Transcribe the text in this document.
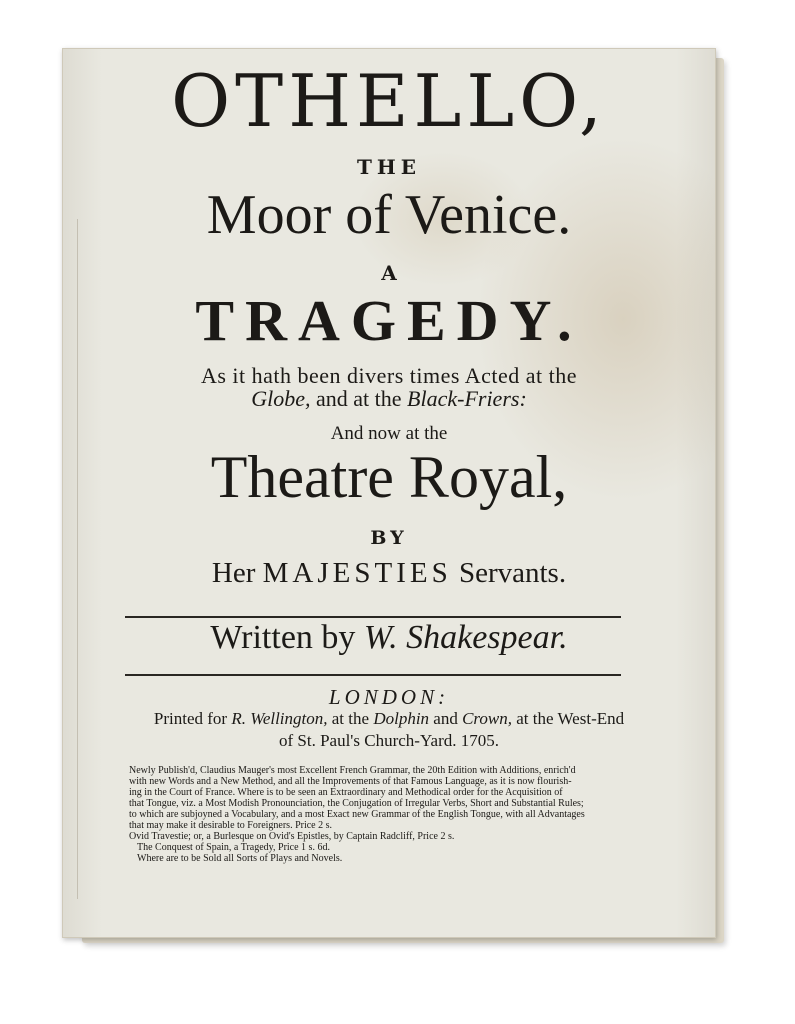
OTHELLO,
THE
Moor of Venice.
A
TRAGEDY.
As it hath been divers times Acted at the
Globe, and at the Black-Friers:
And now at the
Theatre Royal,
BY
Her MAJESTIES Servants.
Written by W. Shakespear.
LONDON:
Printed for R. Wellington, at the Dolphin and Crown, at the West-End
of St. Paul's Church-Yard. 1705.
Newly Publish'd, Claudius Mauger's most Excellent French Grammar, the 20th Edition with Additions, enrich'd
with new Words and a New Method, and all the Improvements of that Famous Language, as it is now flourish-
ing in the Court of France. Where is to be seen an Extraordinary and Methodical order for the Acquisition of
that Tongue, viz. a Most Modish Pronounciation, the Conjugation of Irregular Verbs, Short and Substantial Rules;
to which are subjoyned a Vocabulary, and a most Exact new Grammar of the English Tongue, with all Advantages
that may make it desirable to Foreigners. Price 2 s.
Ovid Travestie; or, a Burlesque on Ovid's Epistles, by Captain Radcliff, Price 2 s.
The Conquest of Spain, a Tragedy, Price 1 s. 6d.
Where are to be Sold all Sorts of Plays and Novels.
